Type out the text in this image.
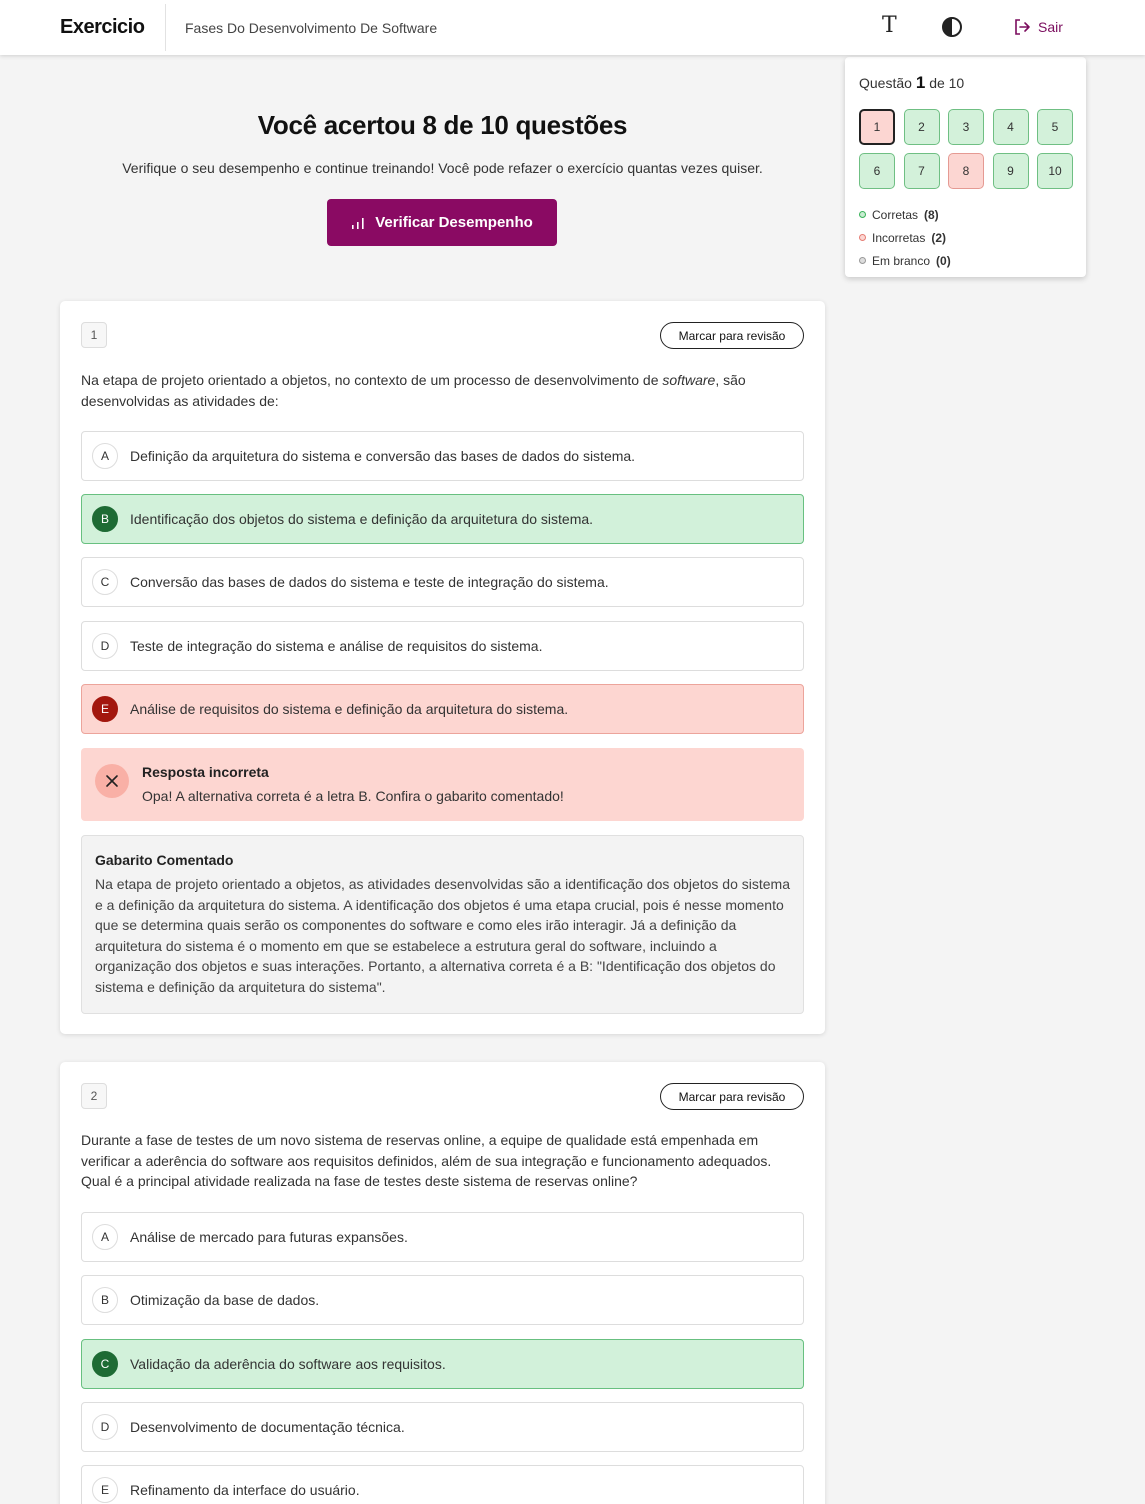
Exercicio	Fases Do Desenvolvimento De Software	T	Sair
Você acertou 8 de 10 questões
Verifique o seu desempenho e continue treinando! Você pode refazer o exercício quantas vezes quiser.
Verificar Desempenho
Questão 1 de 10
1	2	3	4	5
6	7	8	9	10
Corretas (8)
Incorretas (2)
Em branco (0)
1	Marcar para revisão
Na etapa de projeto orientado a objetos, no contexto de um processo de desenvolvimento de software, são desenvolvidas as atividades de:
A	Definição da arquitetura do sistema e conversão das bases de dados do sistema.
B	Identificação dos objetos do sistema e definição da arquitetura do sistema.
C	Conversão das bases de dados do sistema e teste de integração do sistema.
D	Teste de integração do sistema e análise de requisitos do sistema.
E	Análise de requisitos do sistema e definição da arquitetura do sistema.
Resposta incorreta
Opa! A alternativa correta é a letra B. Confira o gabarito comentado!
Gabarito Comentado
Na etapa de projeto orientado a objetos, as atividades desenvolvidas são a identificação dos objetos do sistema e a definição da arquitetura do sistema. A identificação dos objetos é uma etapa crucial, pois é nesse momento que se determina quais serão os componentes do software e como eles irão interagir. Já a definição da arquitetura do sistema é o momento em que se estabelece a estrutura geral do software, incluindo a organização dos objetos e suas interações. Portanto, a alternativa correta é a B: "Identificação dos objetos do sistema e definição da arquitetura do sistema".
2	Marcar para revisão
Durante a fase de testes de um novo sistema de reservas online, a equipe de qualidade está empenhada em verificar a aderência do software aos requisitos definidos, além de sua integração e funcionamento adequados. Qual é a principal atividade realizada na fase de testes deste sistema de reservas online?
A	Análise de mercado para futuras expansões.
B	Otimização da base de dados.
C	Validação da aderência do software aos requisitos.
D	Desenvolvimento de documentação técnica.
E	Refinamento da interface do usuário.
